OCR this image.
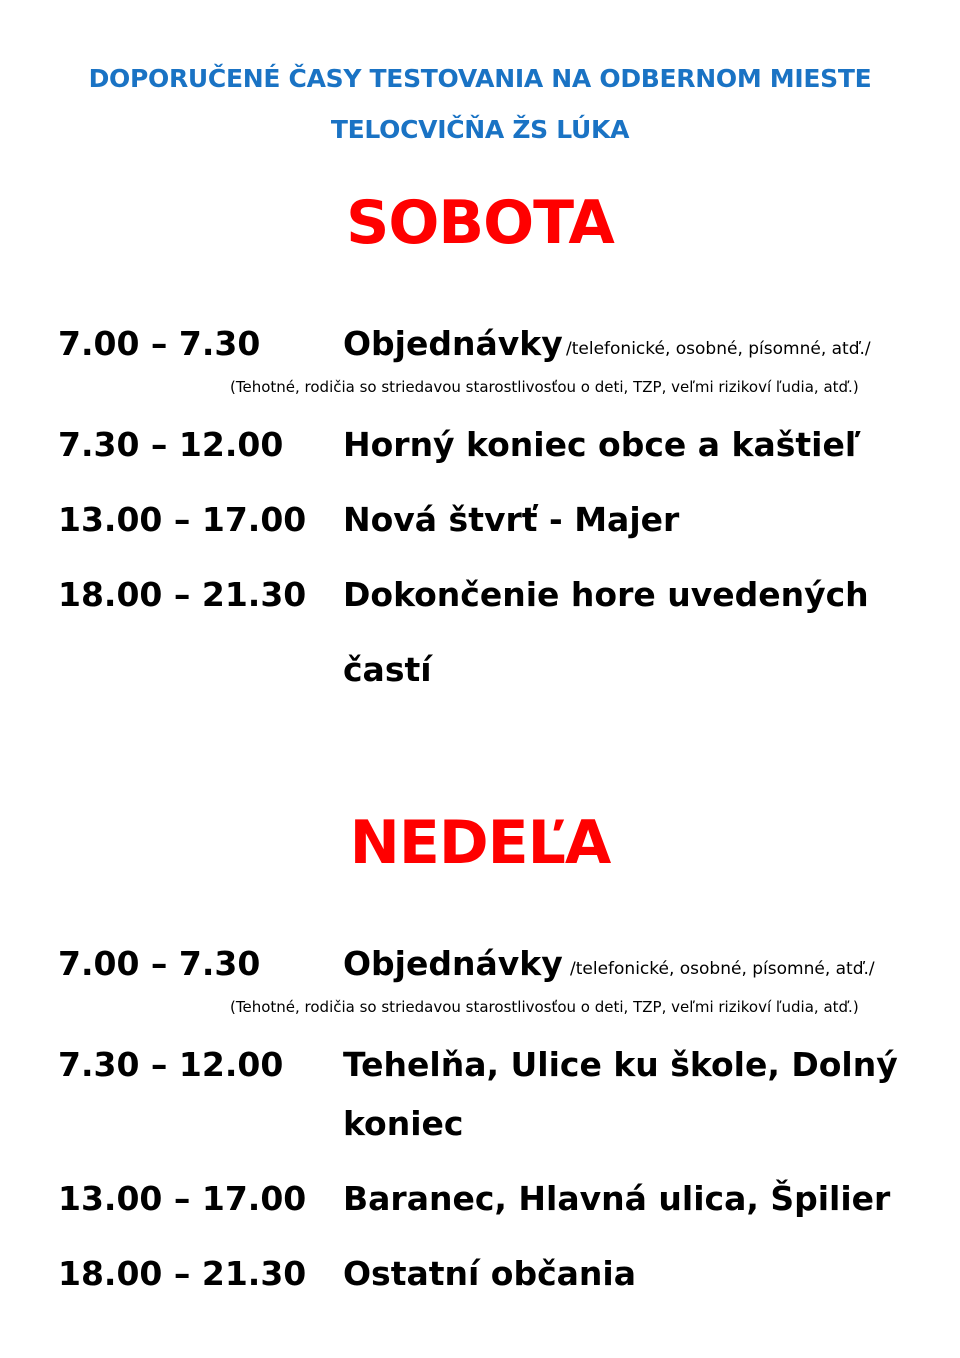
DOPORUČENÉ ČASY TESTOVANIA NA ODBERNOM MIESTE
TELOCVIČŇA ŽS LÚKA
SOBOTA
7.00 – 7.30	Objednávky /telefonické, osobné, písomné, atď./
(Tehotné, rodičia so striedavou starostlivosťou o deti, TZP, veľmi rizikoví ľudia, atď.)
7.30 – 12.00 Horný koniec obce a kaštieľ
13.00 – 17.00 Nová štvrť - Majer
18.00 – 21.30 Dokončenie hore uvedených
častí
NEDEĽA
7.00 – 7.30	Objednávky /telefonické, osobné, písomné, atď./
(Tehotné, rodičia so striedavou starostlivosťou o deti, TZP, veľmi rizikoví ľudia, atď.)
7.30 – 12.00 Tehelňa, Ulice ku škole, Dolný
koniec
13.00 – 17.00 Baranec, Hlavná ulica, Špilier
18.00 – 21.30 Ostatní občania
